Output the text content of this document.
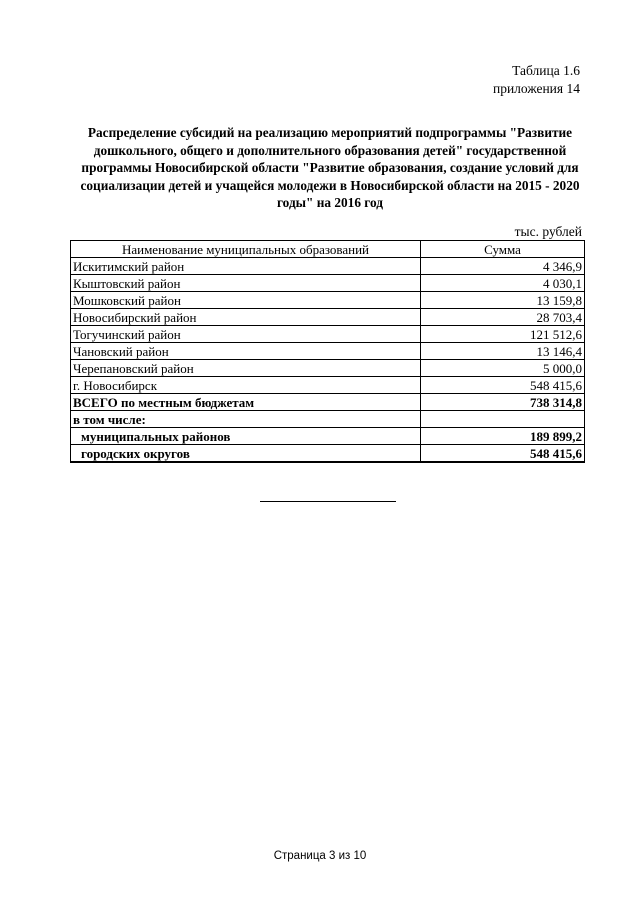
Таблица 1.6
приложения 14
Распределение субсидий на реализацию мероприятий подпрограммы "Развитие
дошкольного, общего и дополнительного образования детей" государственной
программы Новосибирской области "Развитие образования, создание условий для
социализации детей и учащейся молодежи в Новосибирской области на 2015 - 2020
годы" на 2016 год
тыс. рублей
Наименование муниципальных образований	Сумма
Искитимский район	4 346,9
Кыштовский район	4 030,1
Мошковский район	13 159,8
Новосибирский район	28 703,4
Тогучинский район	121 512,6
Чановский район	13 146,4
Черепановский район	5 000,0
г. Новосибирск	548 415,6
ВСЕГО по местным бюджетам	738 314,8
в том числе:	
муниципальных районов	189 899,2
городских округов	548 415,6
Страница 3 из 10
